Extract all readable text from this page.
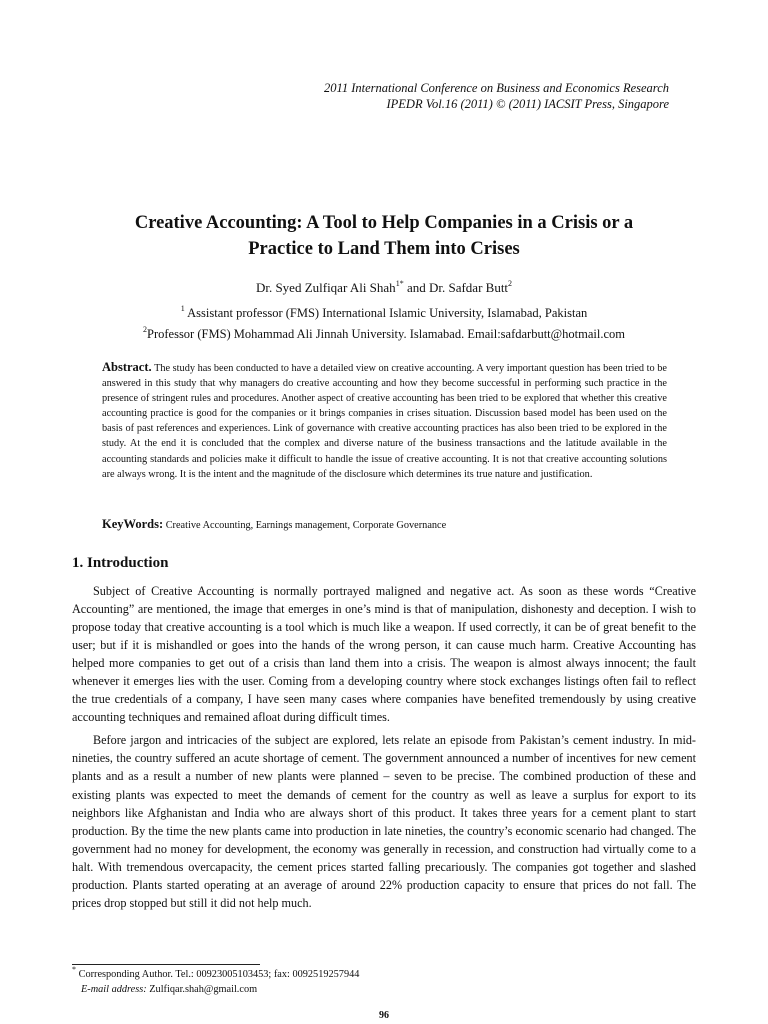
2011 International Conference on Business and Economics Research
IPEDR Vol.16 (2011) © (2011) IACSIT Press, Singapore
Creative Accounting: A Tool to Help Companies in a Crisis or a
Practice to Land Them into Crises
Dr. Syed Zulfiqar Ali Shah$^{1*}$ and Dr. Safdar Butt$^2$
$^1$ Assistant professor (FMS) International Islamic University, Islamabad, Pakistan
$^2$Professor (FMS) Mohammad Ali Jinnah University. Islamabad. Email:safdarbutt@hotmail.com
Abstract. The study has been conducted to have a detailed view on creative accounting. A very important question has been tried to be answered in this study that why managers do creative accounting and how they become successful in performing such practice in the presence of stringent rules and procedures. Another aspect of creative accounting has been tried to be explored that whether this creative accounting practice is good for the companies or it brings companies in crises situation. Discussion based model has been used on the basis of past references and experiences. Link of governance with creative accounting practices has also been tried to be explored in the study. At the end it is concluded that the complex and diverse nature of the business transactions and the latitude available in the accounting standards and policies make it difficult to handle the issue of creative accounting. It is not that creative accounting solutions are always wrong. It is the intent and the magnitude of the disclosure which determines its true nature and justification.
KeyWords: Creative Accounting, Earnings management, Corporate Governance
1. Introduction

Subject of Creative Accounting is normally portrayed maligned and negative act. As soon as these words “Creative Accounting” are mentioned, the image that emerges in one’s mind is that of manipulation, dishonesty and deception. I wish to propose today that creative accounting is a tool which is much like a weapon. If used correctly, it can be of great benefit to the user; but if it is mishandled or goes into the hands of the wrong person, it can cause much harm. Creative Accounting has helped more companies to get out of a crisis than land them into a crisis. The weapon is almost always innocent; the fault whenever it emerges lies with the user. Coming from a developing country where stock exchanges listings often fail to reflect the true credentials of a company, I have seen many cases where companies have benefited tremendously by using creative accounting techniques and remained afloat during difficult times.

Before jargon and intricacies of the subject are explored, lets relate an episode from Pakistan’s cement industry. In mid-nineties, the country suffered an acute shortage of cement. The government announced a number of incentives for new cement plants and as a result a number of new plants were planned – seven to be precise. The combined production of these and existing plants was expected to meet the demands of cement for the country as well as leave a surplus for export to its neighbors like Afghanistan and India who are always short of this product. It takes three years for a cement plant to start production. By the time the new plants came into production in late nineties, the country’s economic scenario had changed. The government had no money for development, the economy was generally in recession, and construction had virtually come to a halt. With tremendous overcapacity, the cement prices started falling precariously. The companies got together and slashed production. Plants started operating at an average of around 22% production capacity to ensure that prices do not fall. The prices drop stopped but still it did not help much.

* Corresponding Author. Tel.: 00923005103453; fax: 0092519257944
E-mail address: Zulfiqar.shah@gmail.com
96
